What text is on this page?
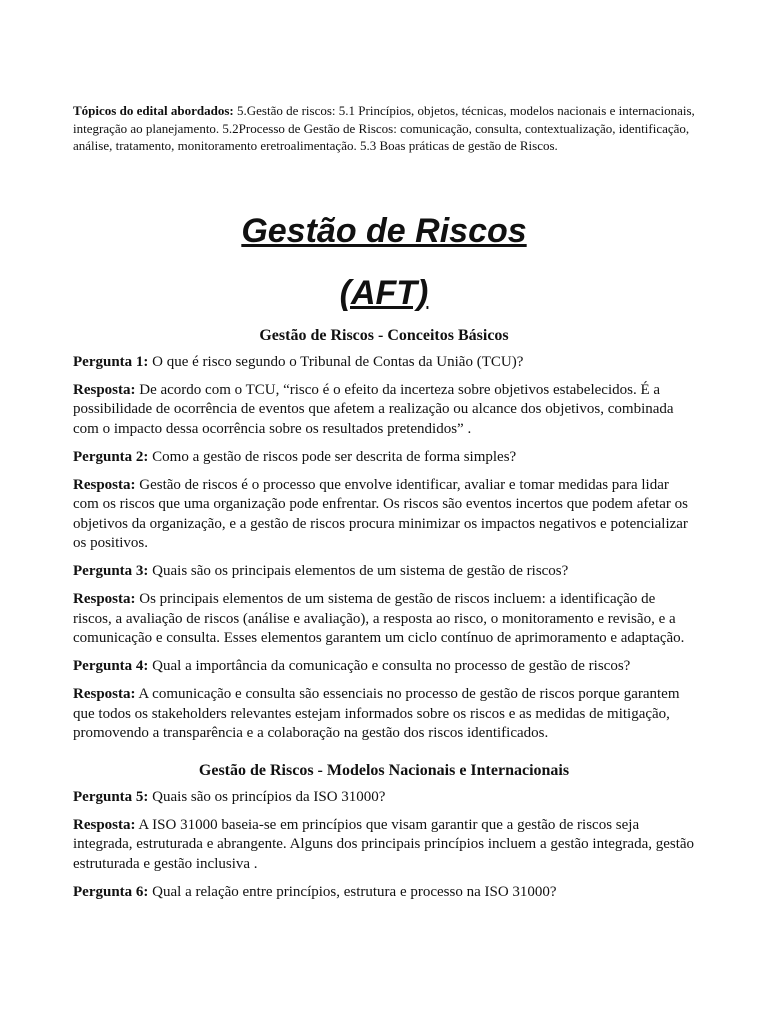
Tópicos do edital abordados: 5.Gestão de riscos: 5.1 Princípios, objetos, técnicas, modelos nacionais e internacionais, integração ao planejamento. 5.2Processo de Gestão de Riscos: comunicação, consulta, contextualização, identificação, análise, tratamento, monitoramento eretroalimentação. 5.3 Boas práticas de gestão de Riscos.

Gestão de Riscos
(AFT)
Gestão de Riscos - Conceitos Básicos

Pergunta 1: O que é risco segundo o Tribunal de Contas da União (TCU)?

Resposta: De acordo com o TCU, “risco é o efeito da incerteza sobre objetivos estabelecidos. É a possibilidade de ocorrência de eventos que afetem a realização ou alcance dos objetivos, combinada com o impacto dessa ocorrência sobre os resultados pretendidos” .

Pergunta 2: Como a gestão de riscos pode ser descrita de forma simples?

Resposta: Gestão de riscos é o processo que envolve identificar, avaliar e tomar medidas para lidar com os riscos que uma organização pode enfrentar. Os riscos são eventos incertos que podem afetar os objetivos da organização, e a gestão de riscos procura minimizar os impactos negativos e potencializar os positivos.

Pergunta 3: Quais são os principais elementos de um sistema de gestão de riscos?

Resposta: Os principais elementos de um sistema de gestão de riscos incluem: a identificação de riscos, a avaliação de riscos (análise e avaliação), a resposta ao risco, o monitoramento e revisão, e a comunicação e consulta. Esses elementos garantem um ciclo contínuo de aprimoramento e adaptação.

Pergunta 4: Qual a importância da comunicação e consulta no processo de gestão de riscos?

Resposta: A comunicação e consulta são essenciais no processo de gestão de riscos porque garantem que todos os stakeholders relevantes estejam informados sobre os riscos e as medidas de mitigação, promovendo a transparência e a colaboração na gestão dos riscos identificados.

Gestão de Riscos - Modelos Nacionais e Internacionais

Pergunta 5: Quais são os princípios da ISO 31000?

Resposta: A ISO 31000 baseia-se em princípios que visam garantir que a gestão de riscos seja integrada, estruturada e abrangente. Alguns dos principais princípios incluem a gestão integrada, gestão estruturada e gestão inclusiva .

Pergunta 6: Qual a relação entre princípios, estrutura e processo na ISO 31000?
